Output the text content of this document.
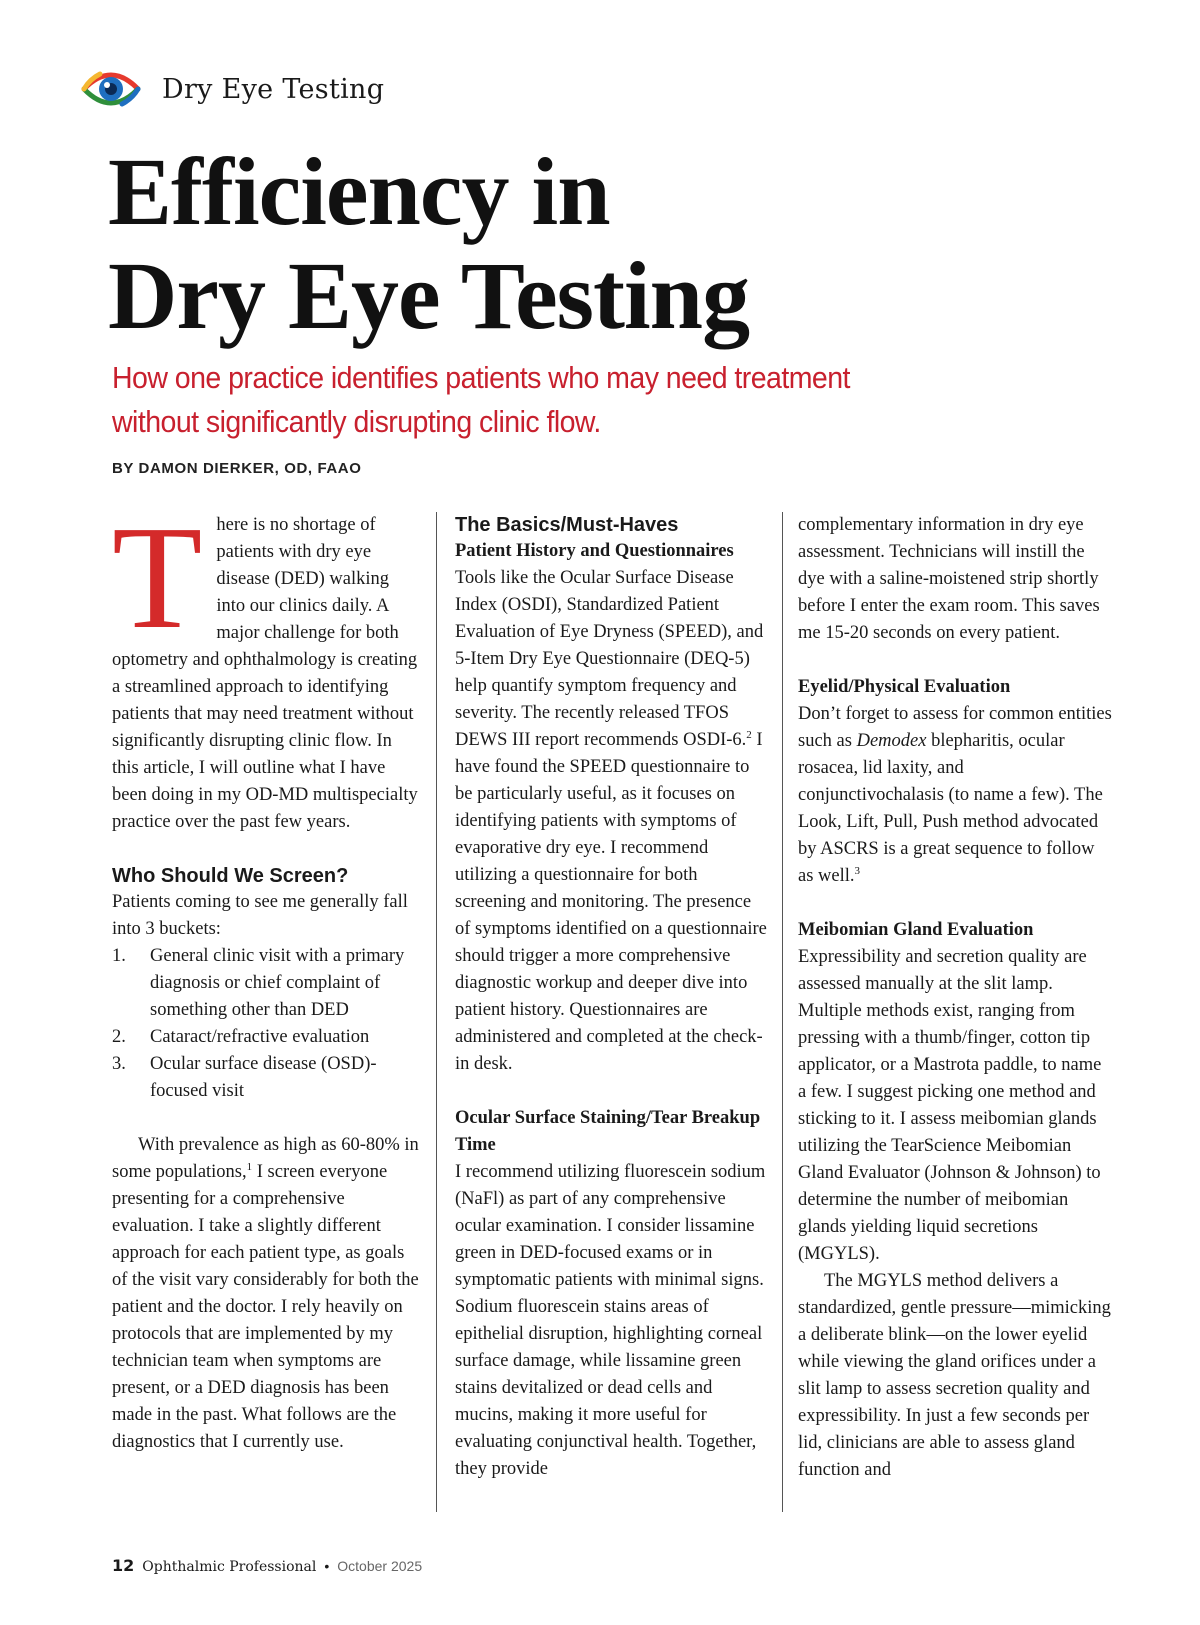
Dry Eye Testing
Efficiency in
Dry Eye Testing

How one practice identifies patients who may need treatment without significantly disrupting clinic flow.

BY DAMON DIERKER, OD, FAAO

There is no shortage of patients with dry eye disease (DED) walking into our clinics daily. A major challenge for both optometry and ophthalmology is creating a streamlined approach to identifying patients that may need treatment without significantly disrupting clinic flow. In this article, I will outline what I have been doing in my OD-MD multispecialty practice over the past few years.

Who Should We Screen?

Patients coming to see me generally fall into 3 buckets:

1.	General clinic visit with a primary diagnosis or chief complaint of something other than DED
2.	Cataract/refractive evaluation
3.	Ocular surface disease (OSD)-focused visit

With prevalence as high as 60-80% in some populations,$^1$ I screen everyone presenting for a comprehensive evaluation. I take a slightly different approach for each patient type, as goals of the visit vary considerably for both the patient and the doctor. I rely heavily on protocols that are implemented by my technician team when symptoms are present, or a DED diagnosis has been made in the past. What follows are the diagnostics that I currently use.

The Basics/Must-Haves

Patient History and Questionnaires

Tools like the Ocular Surface Disease Index (OSDI), Standardized Patient Evaluation of Eye Dryness (SPEED), and 5-Item Dry Eye Questionnaire (DEQ-5) help quantify symptom frequency and severity. The recently released TFOS DEWS III report recommends OSDI-6.$^2$ I have found the SPEED questionnaire to be particularly useful, as it focuses on identifying patients with symptoms of evaporative dry eye. I recommend utilizing a questionnaire for both screening and monitoring. The presence of symptoms identified on a questionnaire should trigger a more comprehensive diagnostic workup and deeper dive into patient history. Questionnaires are administered and completed at the check-in desk.

Ocular Surface Staining/Tear Breakup Time

I recommend utilizing fluorescein sodium (NaFl) as part of any comprehensive ocular examination. I consider lissamine green in DED-focused exams or in symptomatic patients with minimal signs. Sodium fluorescein stains areas of epithelial disruption, highlighting corneal surface damage, while lissamine green stains devitalized or dead cells and mucins, making it more useful for evaluating conjunctival health. Together, they provide

complementary information in dry eye assessment. Technicians will instill the dye with a saline-moistened strip shortly before I enter the exam room. This saves me 15-20 seconds on every patient.

Eyelid/Physical Evaluation

Don’t forget to assess for common entities such as Demodex blepharitis, ocular rosacea, lid laxity, and conjunctivochalasis (to name a few). The Look, Lift, Pull, Push method advocated by ASCRS is a great sequence to follow as well.$^3$

Meibomian Gland Evaluation

Expressibility and secretion quality are assessed manually at the slit lamp. Multiple methods exist, ranging from pressing with a thumb/finger, cotton tip applicator, or a Mastrota paddle, to name a few. I suggest picking one method and sticking to it. I assess meibomian glands utilizing the TearScience Meibomian Gland Evaluator (Johnson & Johnson) to determine the number of meibomian glands yielding liquid secretions (MGYLS).

The MGYLS method delivers a standardized, gentle pressure—mimicking a deliberate blink—on the lower eyelid while viewing the gland orifices under a slit lamp to assess secretion quality and expressibility. In just a few seconds per lid, clinicians are able to assess gland function and

12 Ophthalmic Professional • October 2025
